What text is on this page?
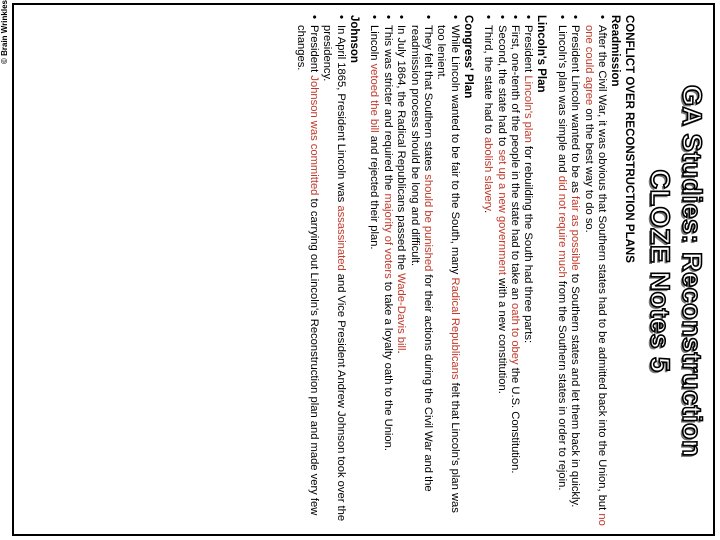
© Brain Wrinkles
GA Studies: Reconstruction
CLOZE Notes 5
CONFLICT OVER RECONSTRUCTION PLANS
Readmission
• After the Civil War, it was obvious that Southern states had to be admitted back into the Union, but no one could agree on the best way to do so.
• President Lincoln wanted to be as fair as possible to Southern states and let them back in quickly.
• Lincoln's plan was simple and did not require much from the Southern states in order to rejoin.
Lincoln's Plan
• President Lincoln's plan for rebuilding the South had three parts:
• First, one-tenth of the people in the state had to take an oath to obey the U.S. Constitution.
• Second, the state had to set up a new government with a new constitution.
• Third, the state had to abolish slavery.
Congress' Plan
• While Lincoln wanted to be fair to the South, many Radical Republicans felt that Lincoln's plan was too lenient.
• They felt that Southern states should be punished for their actions during the Civil War and the readmission process should be long and difficult.
• In July 1864, the Radical Republicans passed the Wade-Davis bill.
• This was stricter and required the majority of voters to take a loyalty oath to the Union.
• Lincoln vetoed the bill and rejected their plan.
Johnson
• In April 1865, President Lincoln was assassinated and Vice President Andrew Johnson took over the presidency.
• President Johnson was committed to carrying out Lincoln's Reconstruction plan and made very few changes.
